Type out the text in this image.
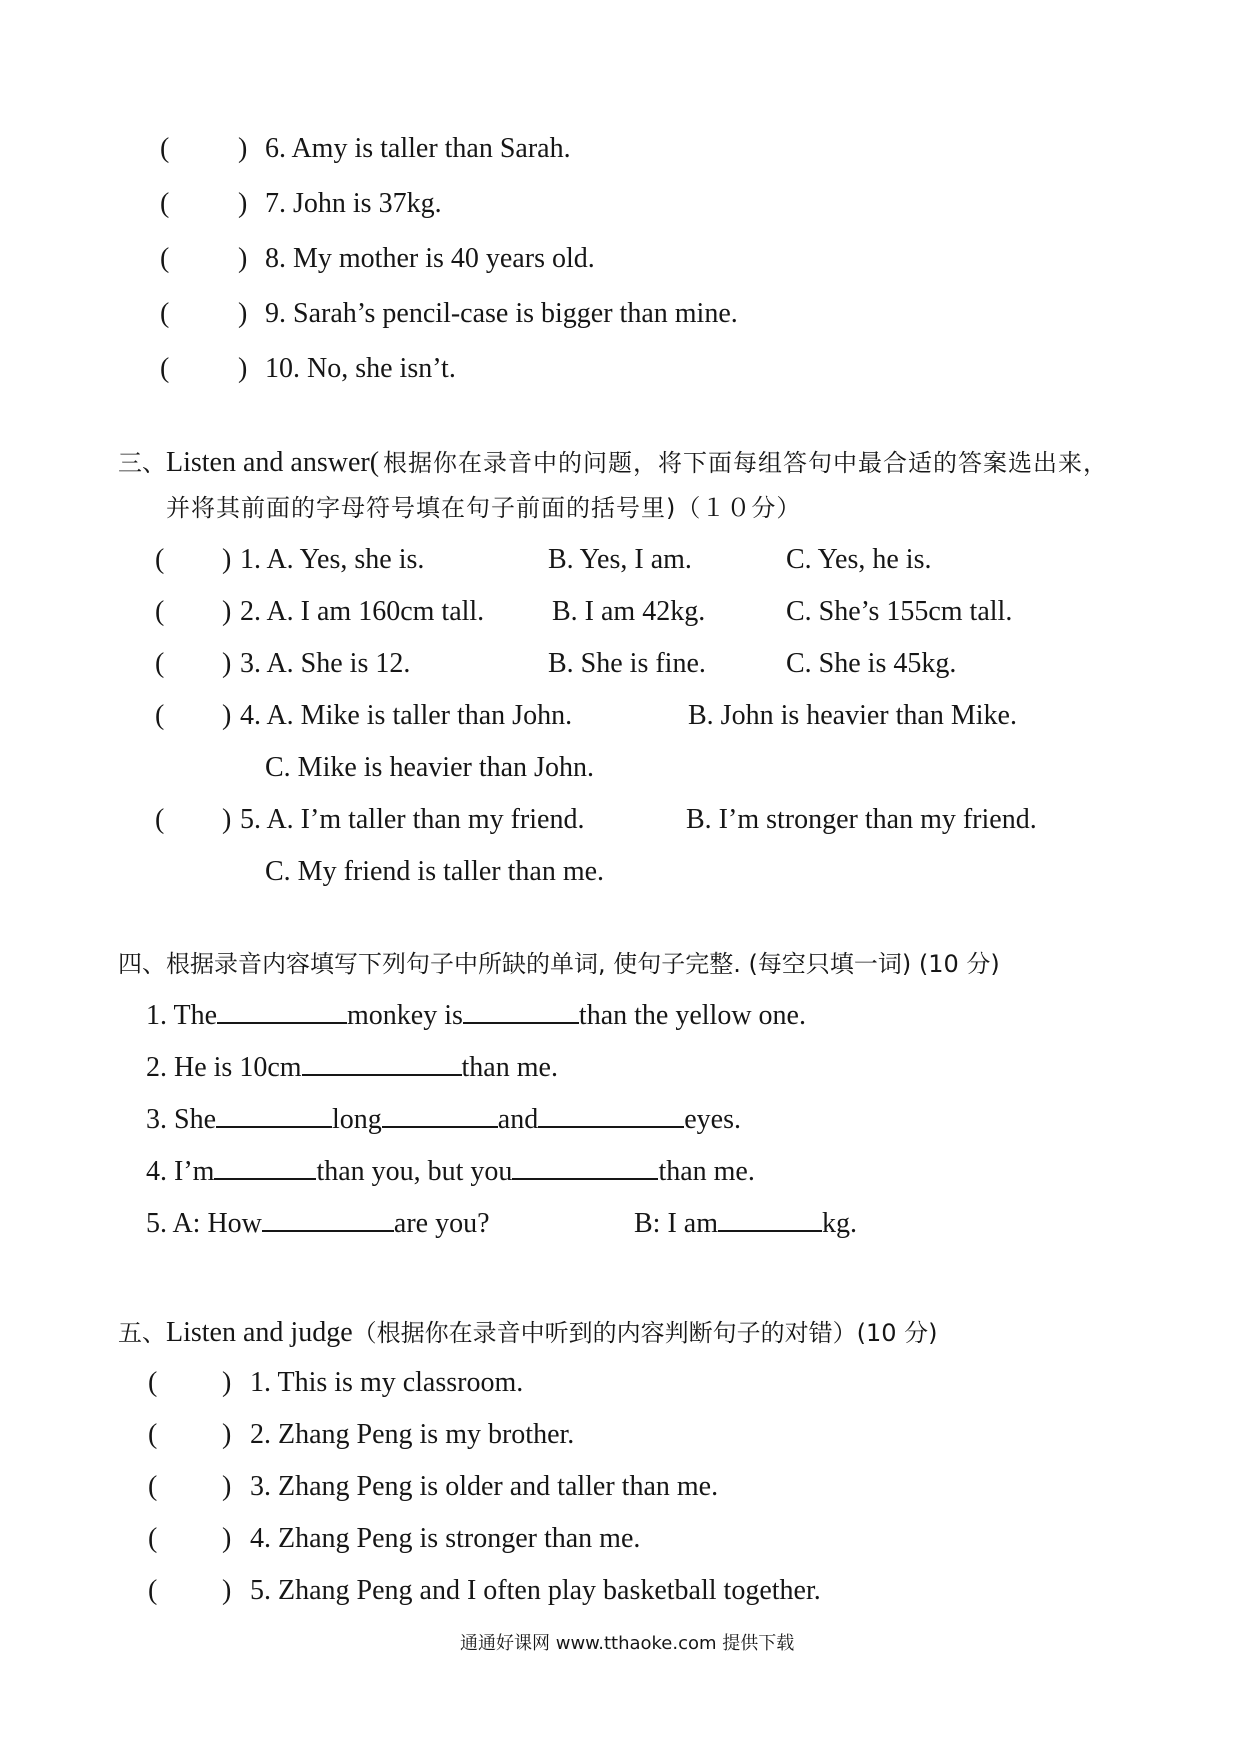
( ) 6. Amy is taller than Sarah.
( ) 7. John is 37kg.
( ) 8. My mother is 40 years old.
( ) 9. Sarah’s pencil-case is bigger than mine.
( ) 10. No, she isn’t.
三、Listen and answer( 根据你在录音中的问题，将下面每组答句中最合适的答案选出来，
并将其前面的字母符号填在句子前面的括号里)（１０分）
( ) 1. A. Yes, she is.	B. Yes, I am.	C. Yes, he is.
( ) 2. A. I am 160cm tall. B. I am 42kg.	C. She’s 155cm tall.
( ) 3. A. She is 12.	B. She is fine.	C. She is 45kg.
( ) 4. A. Mike is taller than John.	B. John is heavier than Mike.
C. Mike is heavier than John.
( ) 5. A. I’m taller than my friend.	B. I’m stronger than my friend.
C. My friend is taller than me.
四、根据录音内容填写下列句子中所缺的单词, 使句子完整. (每空只填一词) (10 分)
1. The	monkey is	than the yellow one.
2. He is 10cm	than me.
3. She	long	and	eyes.
4. I’m	than you, but you	than me.
5. A: How	are you?	B: I am	kg.
五、Listen and judge（根据你在录音中听到的内容判断句子的对错）(10 分)
( ) 1. This is my classroom.
( ) 2. Zhang Peng is my brother.
( ) 3. Zhang Peng is older and taller than me.
( ) 4. Zhang Peng is stronger than me.
( ) 5. Zhang Peng and I often play basketball together.
通通好课网 www.tthaoke.com 提供下载
